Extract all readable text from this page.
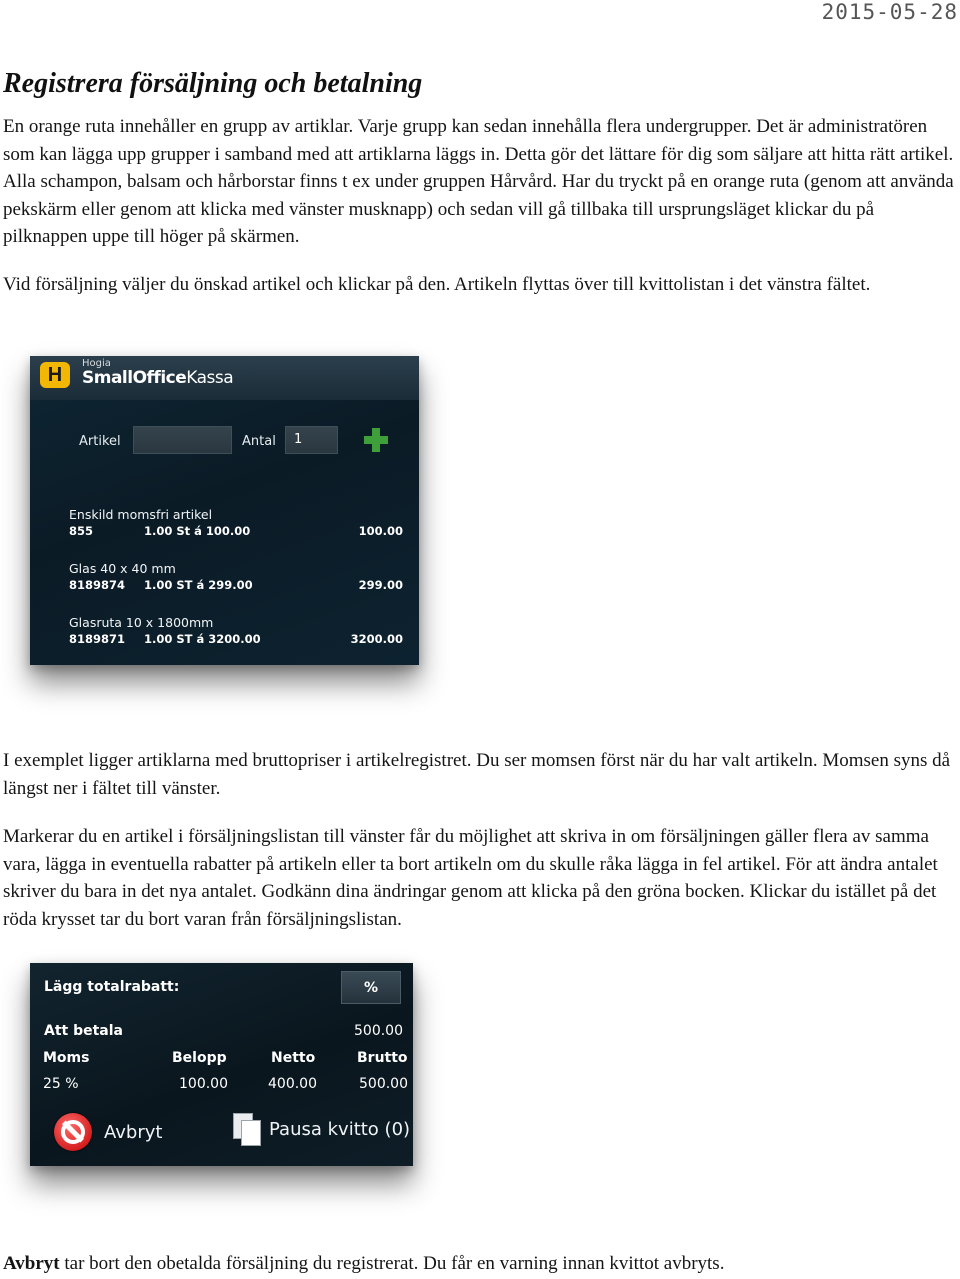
2015-05-28
Registrera försäljning och betalning

En orange ruta innehåller en grupp av artiklar. Varje grupp kan sedan innehålla flera undergrupper. Det är administratören som kan lägga upp grupper i samband med att artiklarna läggs in. Detta gör det lättare för dig som säljare att hitta rätt artikel. Alla schampon, balsam och hårborstar finns t ex under gruppen Hårvård. Har du tryckt på en orange ruta (genom att använda pekskärm eller genom att klicka med vänster musknapp) och sedan vill gå tillbaka till ursprungsläget klickar du på pilknappen uppe till höger på skärmen.

Vid försäljning väljer du önskad artikel och klickar på den. Artikeln flyttas över till kvittolistan i det vänstra fältet.

H
Hogia
SmallOfficeKassa
Artikel	Antal	1
Enskild momsfri artikel
855	1.00 St á 100.00	100.00
Glas 40 x 40 mm
8189874 1.00 ST á 299.00	299.00
Glasruta 10 x 1800mm
8189871 1.00 ST á 3200.00	3200.00

I exemplet ligger artiklarna med bruttopriser i artikelregistret. Du ser momsen först när du har valt artikeln. Momsen syns då längst ner i fältet till vänster.

Markerar du en artikel i försäljningslistan till vänster får du möjlighet att skriva in om försäljningen gäller flera av samma vara, lägga in eventuella rabatter på artikeln eller ta bort artikeln om du skulle råka lägga in fel artikel. För att ändra antalet skriver du bara in det nya antalet. Godkänn dina ändringar genom att klicka på den gröna bocken. Klickar du istället på det röda krysset tar du bort varan från försäljningslistan.

Lägg totalrabatt:	%
Att betala	500.00
Moms	Belopp	Netto	Brutto
25 %	100.00	400.00	500.00
Avbryt	Pausa kvitto (0)

Avbryt tar bort den obetalda försäljning du registrerat. Du får en varning innan kvittot avbryts.
